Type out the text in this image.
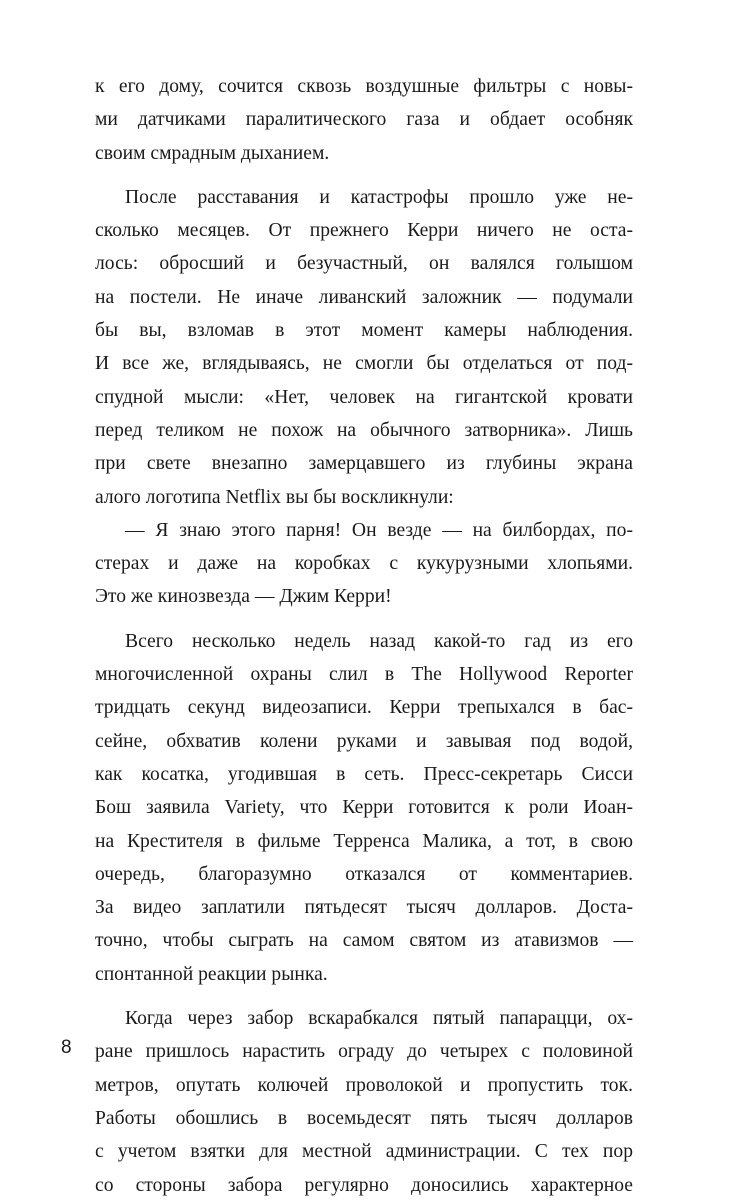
к его дому, сочится сквозь воздушные фильтры с новы-
ми датчиками паралитического газа и обдает особняк
своим смрадным дыханием.
После расставания и катастрофы прошло уже не-
сколько месяцев. От прежнего Керри ничего не оста-
лось: обросший и безучастный, он валялся голышом
на постели. Не иначе ливанский заложник — подумали
бы вы, взломав в этот момент камеры наблюдения.
И все же, вглядываясь, не смогли бы отделаться от под-
спудной мысли: «Нет, человек на гигантской кровати
перед теликом не похож на обычного затворника». Лишь
при свете внезапно замерцавшего из глубины экрана
алого логотипа Netflix вы бы воскликнули:
— Я знаю этого парня! Он везде — на билбордах, по-
стерах и даже на коробках с кукурузными хлопьями.
Это же кинозвезда — Джим Керри!
Всего несколько недель назад какой-то гад из его
многочисленной охраны слил в The Hollywood Reporter
тридцать секунд видеозаписи. Керри трепыхался в бас-
сейне, обхватив колени руками и завывая под водой,
как косатка, угодившая в сеть. Пресс-секретарь Сисси
Бош заявила Variety, что Керри готовится к роли Иоан-
на Крестителя в фильме Терренса Малика, а тот, в свою
очередь, благоразумно отказался от комментариев.
За видео заплатили пятьдесят тысяч долларов. Доста-
точно, чтобы сыграть на самом святом из атавизмов —
спонтанной реакции рынка.
Когда через забор вскарабкался пятый папарацци, ох-
ране пришлось нарастить ограду до четырех с половиной
метров, опутать колючей проволокой и пропустить ток.
Работы обошлись в восемьдесят пять тысяч долларов
с учетом взятки для местной администрации. С тех пор
со стороны забора регулярно доносились характерное
8
